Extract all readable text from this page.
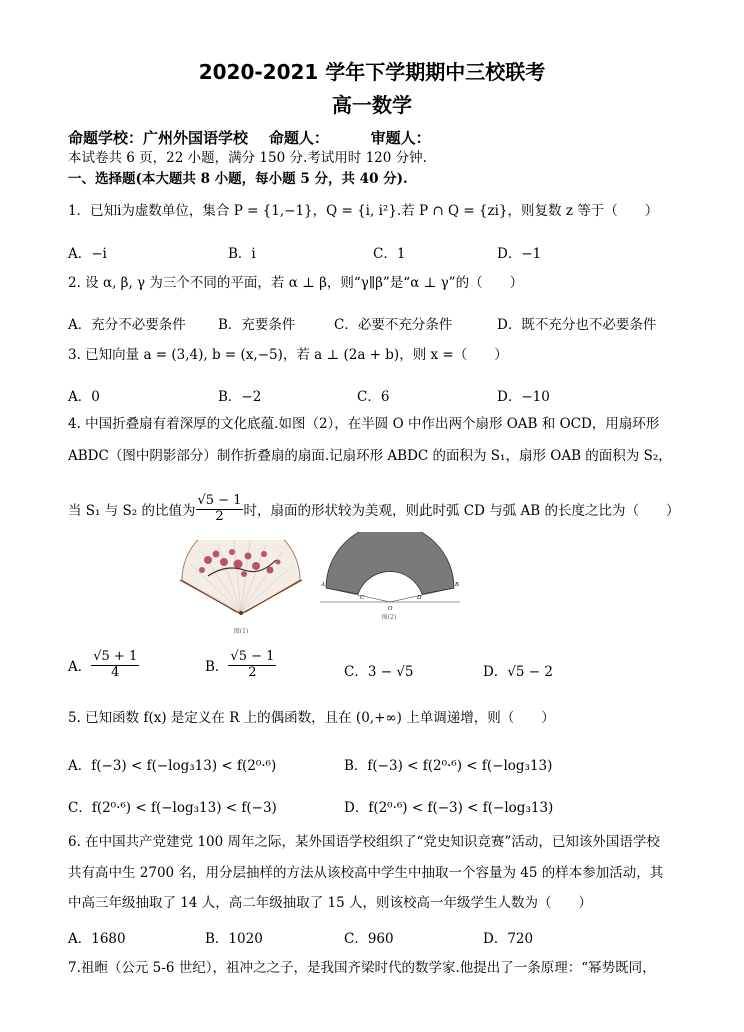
2020-2021 学年下学期期中三校联考
高一数学
命题学校：广州外国语学校    命题人：        审题人：
本试卷共 6 页，22 小题，满分 150 分.考试用时 120 分钟.
一、选择题(本大题共 8 小题，每小题 5 分，共 40 分).
1．已知i为虚数单位，集合 P = {1,−1}，Q = {i, i²}.若 P ∩ Q = {zi}，则复数 z 等于（　　）
A．−i	B．i	C．1	D．−1
2. 设 α, β, γ 为三个不同的平面，若 α ⊥ β，则“γ∥β”是“α ⊥ γ”的（　　）
A．充分不必要条件 B．充要条件	C．必要不充分条件	D．既不充分也不必要条件
3. 已知向量 a = (3,4), b = (x,−5)，若 a ⊥ (2a + b)，则 x =（　　）
A．0	B．−2	C．6	D．−10
4. 中国折叠扇有着深厚的文化底蕴.如图（2），在半圆 O 中作出两个扇形 OAB 和 OCD，用扇环形
ABDC（图中阴影部分）制作折叠扇的扇面.记扇环形 ABDC 的面积为 S₁，扇形 OAB 的面积为 S₂，
当 S₁ 与 S₂ 的比值为 $\frac{√5 - 1}{2}$ 时，扇面的形状较为美观，则此时弧 CD 与弧 AB 的长度之比为（　　）
图(1)
A
C
O
D
B
图(2)
A． $\frac{√5 + 1}{4}$	B． $\frac{√5 - 1}{2}$	C．3 − √5	D．√5 − 2
5. 已知函数 f(x) 是定义在 R 上的偶函数，且在 (0,+∞) 上单调递增，则（　　）
A．f(−3) < f(−log₃13) < f(2⁰·⁶)	B．f(−3) < f(2⁰·⁶) < f(−log₃13)
C．f(2⁰·⁶) < f(−log₃13) < f(−3)	D．f(2⁰·⁶) < f(−3) < f(−log₃13)
6. 在中国共产党建党 100 周年之际，某外国语学校组织了“党史知识竞赛”活动，已知该外国语学校
共有高中生 2700 名，用分层抽样的方法从该校高中学生中抽取一个容量为 45 的样本参加活动，其
中高三年级抽取了 14 人，高二年级抽取了 15 人，则该校高一年级学生人数为（　　）
A．1680	B．1020	C．960	D．720
7.祖暅（公元 5-6 世纪），祖冲之之子，是我国齐梁时代的数学家.他提出了一条原理：“幂势既同，
